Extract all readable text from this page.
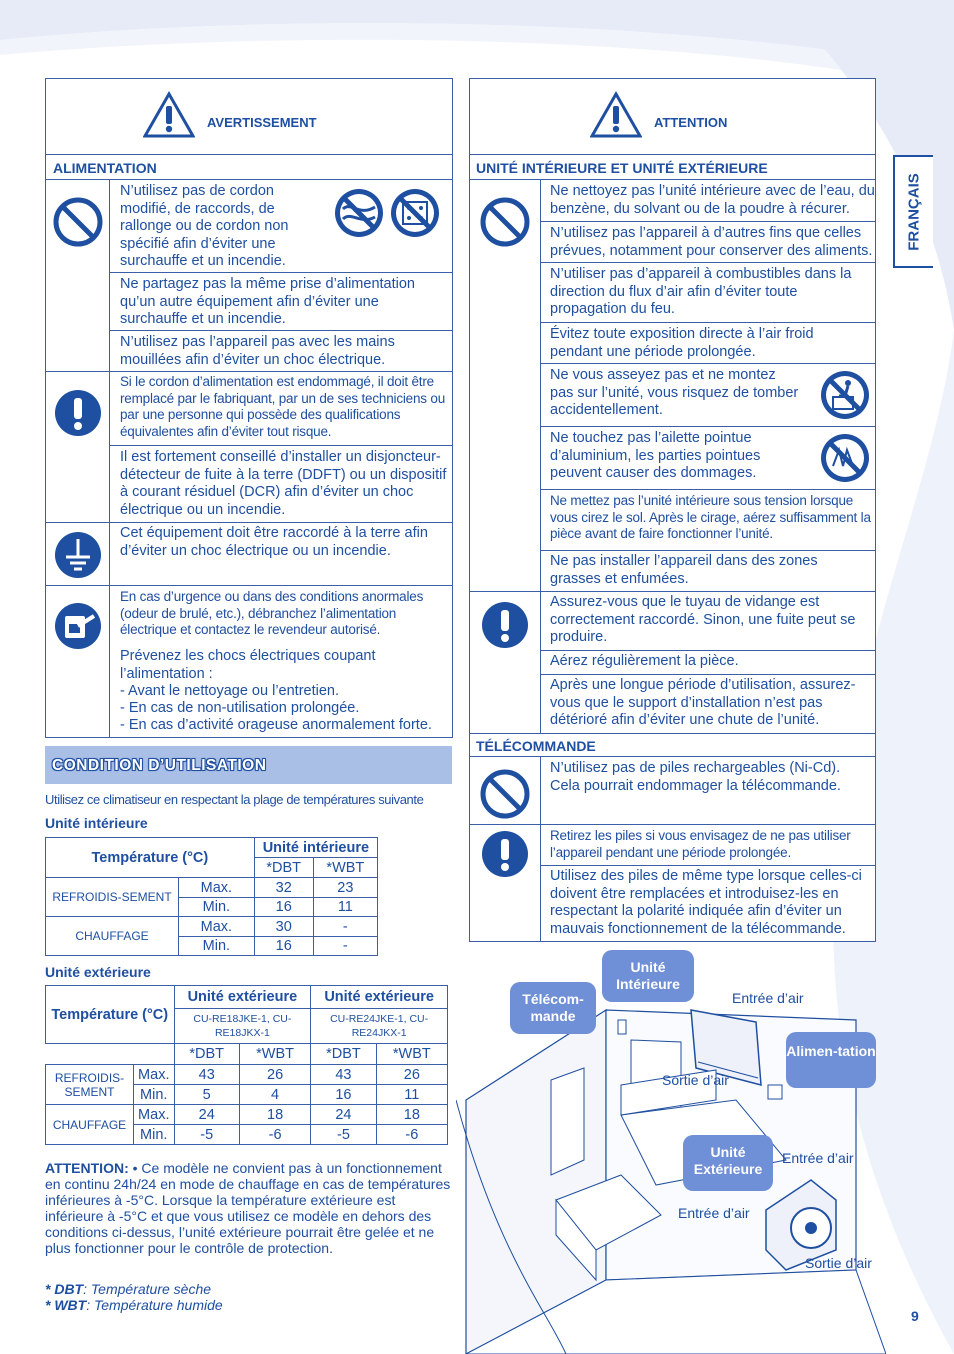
FRANÇAIS
AVERTISSEMENT
ALIMENTATION
N’utilisez pas de cordon modifié, de raccords, de rallonge ou de cordon non spécifié afin d’éviter une surchauffe et un incendie.
Ne partagez pas la même prise d’alimentation qu’un autre équipement afin d’éviter une surchauffe et un incendie.
N’utilisez pas l’appareil pas avec les mains mouillées afin d’éviter un choc électrique.
Si le cordon d’alimentation est endommagé, il doit être remplacé par le fabriquant, par un de ses techniciens ou par une personne qui possède des qualifications équivalentes afin d’éviter tout risque.
Il est fortement conseillé d’installer un disjoncteur-détecteur de fuite à la terre (DDFT) ou un dispositif à courant résiduel (DCR) afin d’éviter un choc électrique ou un incendie.
Cet équipement doit être raccordé à la terre afin d’éviter un choc électrique ou un incendie.
En cas d’urgence ou dans des conditions anormales (odeur de brulé, etc.), débranchez l’alimentation électrique et contactez le revendeur autorisé.
Prévenez les chocs électriques coupant l’alimentation :
- Avant le nettoyage ou l’entretien.
- En cas de non-utilisation prolongée.
- En cas d’activité orageuse anormalement forte.
ATTENTION
UNITÉ INTÉRIEURE ET UNITÉ EXTÉRIEURE
TÉLÉCOMMANDE
Ne nettoyez pas l’unité intérieure avec de l’eau, du benzène, du solvant ou de la poudre à récurer.
N’utilisez pas l’appareil à d’autres fins que celles prévues, notamment pour conserver des aliments.
N’utiliser pas d’appareil à combustibles dans la direction du flux d’air afin d’éviter toute propagation du feu.
Évitez toute exposition directe à l’air froid pendant une période prolongée.
Ne vous asseyez pas et ne montez pas sur l’unité, vous risquez de tomber accidentellement.
Ne touchez pas l’ailette pointue d’aluminium, les parties pointues peuvent causer des dommages.
Ne mettez pas l’unité intérieure sous tension lorsque vous cirez le sol. Après le cirage, aérez suffisamment la pièce avant de faire fonctionner l’unité.
Ne pas installer l’appareil dans des zones grasses et enfumées.
Assurez-vous que le tuyau de vidange est correctement raccordé. Sinon, une fuite peut se produire.
Aérez régulièrement la pièce.
Après une longue période d’utilisation, assurez-vous que le support d’installation n’est pas détérioré afin d’éviter une chute de l’unité.
N’utilisez pas de piles rechargeables (Ni-Cd). Cela pourrait endommager la télécommande.
Retirez les piles si vous envisagez de ne pas utiliser l’appareil pendant une période prolongée.
Utilisez des piles de même type lorsque celles-ci doivent être remplacées et introduisez-les en respectant la polarité indiquée afin d’éviter un mauvais fonctionnement de la télécommande.
CONDITION D’UTILISATION
Utilisez ce climatiseur en respectant la plage de températures suivante
Unité intérieure
Température (°C)		Unité intérieure	
		*DBT	*WBT
REFROIDIS-SEMENT	Max.	32	23
	Min.	16	11
CHAUFFAGE	Max.	30	-
	Min.	16	-
Unité extérieure
Température (°C)		Unité extérieure		Unité extérieure	
		CU-RE18JKE-1, CU-RE18JKX-1		CU-RE24JKE-1, CU-RE24JKX-1	
		*DBT	*WBT	*DBT	*WBT
REFROIDIS-SEMENT	Max.	43	26	43	26
	Min.	5	4	16	11
CHAUFFAGE	Max.	24	18	24	18
	Min.	-5	-6	-5	-6
ATTENTION: • Ce modèle ne convient pas à un fonctionnement en continu 24h/24 en mode de chauffage en cas de températures inférieures à -5°C. Lorsque la température extérieure est inférieure à -5°C et que vous utilisez ce modèle en dehors des conditions ci-dessus, l’unité extérieure pourrait être gelée et ne plus fonctionner pour le contrôle de protection.
* DBT: Température sèche
* WBT: Température humide
Télécom-mande
Unité Intérieure
Alimen-tation
Unité Extérieure
Entrée d’air
Sortie d’air
Entrée d’air
Entrée d’air
Sortie d’air
9
